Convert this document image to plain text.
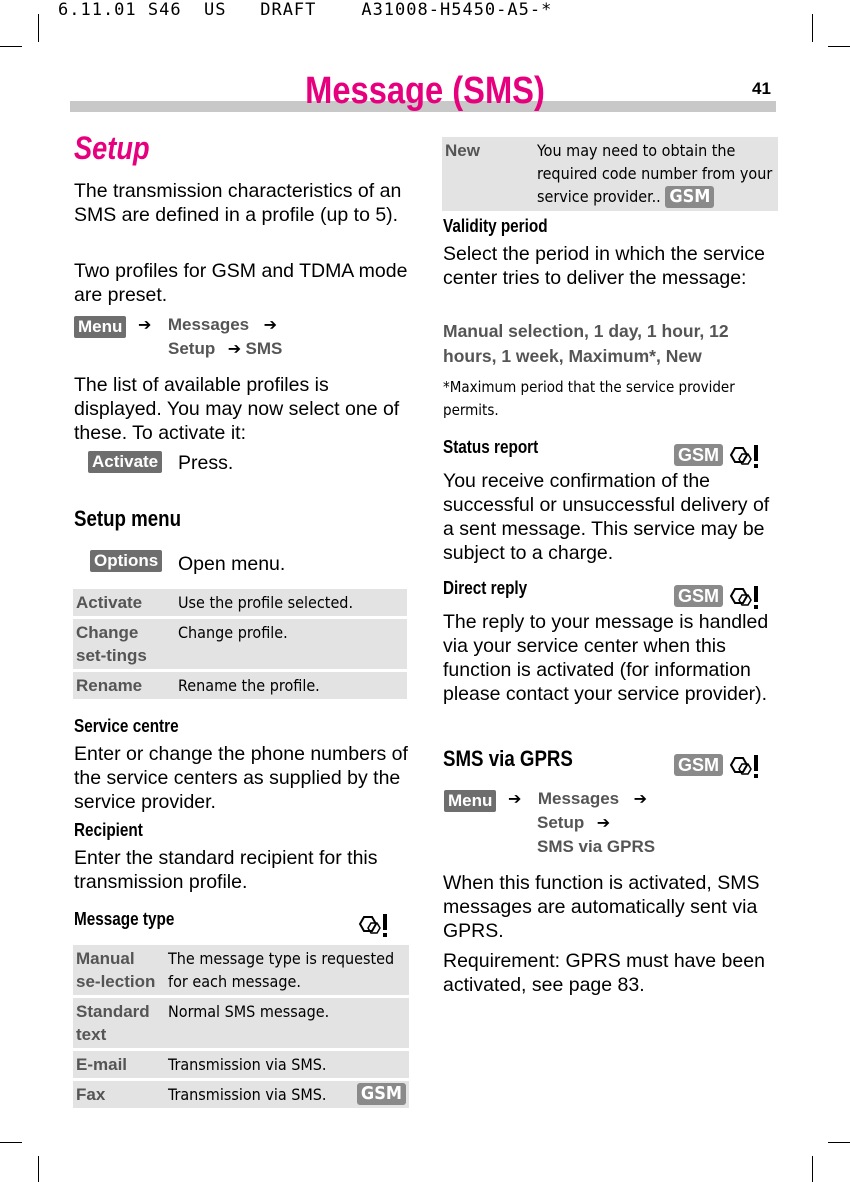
6.11.01 S46  US   DRAFT    A31008-H5450-A5-*
Message (SMS)	41
Setup

The transmission characteristics of an SMS are defined in a profile (up to 5).

Two profiles for GSM and TDMA mode are preset.

Menu ➔ Messages ➔
Setup ➔ SMS

The list of available profiles is displayed. You may now select one of these. To activate it:

Activate Press.
Setup menu
Options Open menu.
Activate	Use the profile selected.
Change set-tings	Change profile.
Rename	Rename the profile.
Service centre

Enter or change the phone numbers of the service centers as supplied by the service provider.

Recipient

Enter the standard recipient for this transmission profile.

Message type
Manual se-lection	The message type is requested for each message.
Standard text	Normal SMS message.
E-mail	Transmission via SMS.
Fax	Transmission via SMS. GSM
New	You may need to obtain the required code number from your service provider.. GSM
Validity period

Select the period in which the service center tries to deliver the message:

Manual selection, 1 day, 1 hour, 12 hours, 1 week, Maximum*, New
*Maximum period that the service provider permits.
Status report	GSM

You receive confirmation of the successful or unsuccessful delivery of a sent message. This service may be subject to a charge.

Direct reply	GSM

The reply to your message is handled via your service center when this function is activated (for information please contact your service provider).

SMS via GPRS	GSM
Menu ➔ Messages ➔
Setup ➔
SMS via GPRS

When this function is activated, SMS messages are automatically sent via GPRS.

Requirement: GPRS must have been activated, see page 83.
